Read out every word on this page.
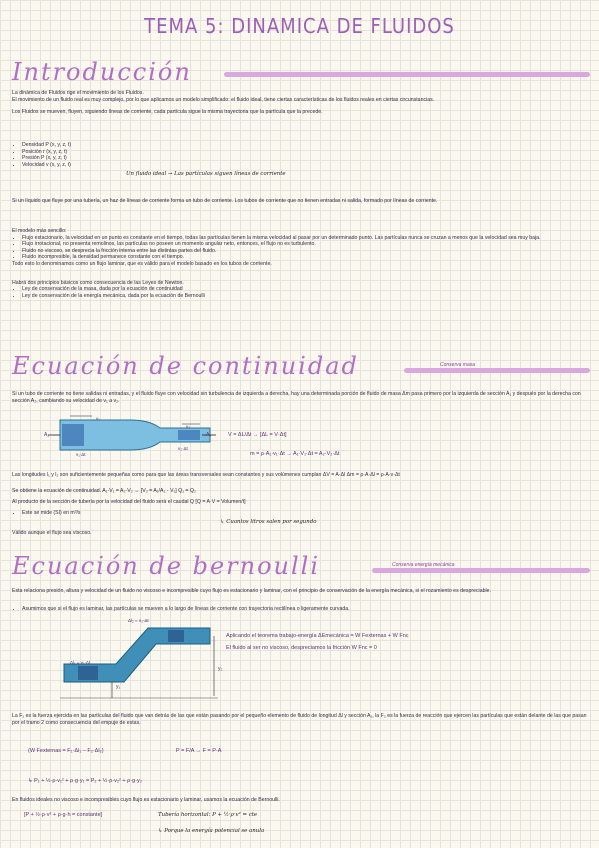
TEMA 5: DINAMICA DE FLUIDOS
Introducción
La dinámica de Fluidos rige el movimiento de los Fluidos.
El movimiento de un fluido real es muy complejo, por lo que aplicamos un modelo simplificado: el fluido ideal, tiene ciertas características de los fluidos reales en ciertas circunstancias.
Los Fluidos se mueven, fluyen, siguiendo líneas de corriente, cada partícula sigue la misma trayectoria que la partícula que la precede.
• Densidad P (x, y, z, t)
• Posición r (x, y, z, t)
• Presión P (x, y, z, t)
• Velocidad v (x, y, z, t)
Un fluido ideal → Las partículas siguen líneas de corriente
Si un líquido que fluye por una tubería, un haz de líneas de corriente forma un tubo de corriente. Los tubos de corriente que no tienen entradas ni salida, formado por líneas de corriente.
El modelo más sencillo:
• Flujo estacionario, la velocidad en un punto es constante en el tiempo, todas las partículas tienen la misma velocidad al pasar por un determinado punto. Las partículas nunca se cruzan a menos que la velocidad sea muy baja.
• Flujo irrotacional, no presenta remolinos, las partículas no poseen un momento angular neto, entonces, el flujo no es turbulento.
• Fluido no viscoso, se desprecia la fricción interna entre las distintas partes del fluido.
• Fluido incompresible, la densidad permanece constante con el tiempo.
Todo esto lo denominamos como un flujo laminar, que es válido para el modelo basado en los tubos de corriente.
Habrá dos principios básicos como consecuencia de las Leyes de Newton.
• Ley de conservación de la masa, dada por la ecuación de continuidad
• Ley de conservación de la energía mecánica, dada por la ecuación de Bernoulli
Ecuación de continuidad	Conserva masa
Si un tubo de corriente no tiene salidas ni entradas, y el fluido fluye con velocidad sin turbulencia de izquierda a derecha, hay una determinada porción de fluido de masa Δm pasa primero por la izquierda de sección A₁ y después por la derecha con sección A₂, cambiando su velocidad de v₁ a v₂.
A₁	A₂
v₁
v₂
v₁·Δt
v₂·Δt
V = ΔL/Δt → [ΔL = V·Δt]
m = ρ·A₁·v₁·Δt → A₁·V₁·Δt = A₂·V₂·Δt
Las longitudes l₁ y l₂ son suficientemente pequeñas como para que las áreas transversales sean constantes y sus volúmenes cumplan ΔV = A·Δl Δm = ρ·A·Δl = ρ·A·v·Δt
Se obtiene la ecuación de continuidad. A₁·V₁ = A₂·V₂ → [V₂ = A₁/A₂ · V₁] Q₁ = Q₂
Al producto de la sección de tubería por la velocidad del fluido será el caudal Q [Q = A·V = Volumen/t]
• Este se mide (SI) en m³/s
↳ Cuantos litros salen por segundo
Válido aunque el flujo sea viscoso.
Ecuación de bernoulli	Conserva energía mecánica
Esta relaciona presión, altura y velocidad de un fluido no viscoso e incompresible cuyo flujo es estacionario y laminar, con el principio de conservación de la energía mecánica, si el rozamiento es despreciable.
• Asumimos que si el flujo es laminar, las partículas se mueven a lo largo de líneas de corriente con trayectoria rectilínea o ligeramente curvada.
Δl₂ = v₂·Δt
Δl₁ = v₁·Δt
y₁
y₂
Aplicando el teorema trabajo-energía ΔEmecánica = W Fexternas + W Fnc
El fluido al ser no viscoso, despreciamos la fricción W Fnc = 0
La F₁ es la fuerza ejercida en las partículas del fluido que van detrás de las que están pasando por el pequeño elemento de fluido de longitud Δl y sección A₁, la F₂ es la fuerza de reacción que ejercen las partículas que están delante de las que pasan por el tramo 2 como consecuencia del empuje de estas.
(W Fexternas = F₁·Δl₁ − F₂·Δl₂)	P = F/A → F = P·A
↳ P₁ + ½·ρ·v₁² + ρ·g·y₁ = P₂ + ½·ρ·v₂² + ρ·g·y₂
En fluidos ideales no viscoso e incompresibles cuyo flujo es estacionario y laminar, usamos la ecuación de Bernoulli.
[P + ½·ρ·v² + ρ·g·h = constante]	Tubería horizontal: P + ½·ρ·v² = cte
↳ Porque la energía potencial se anula
